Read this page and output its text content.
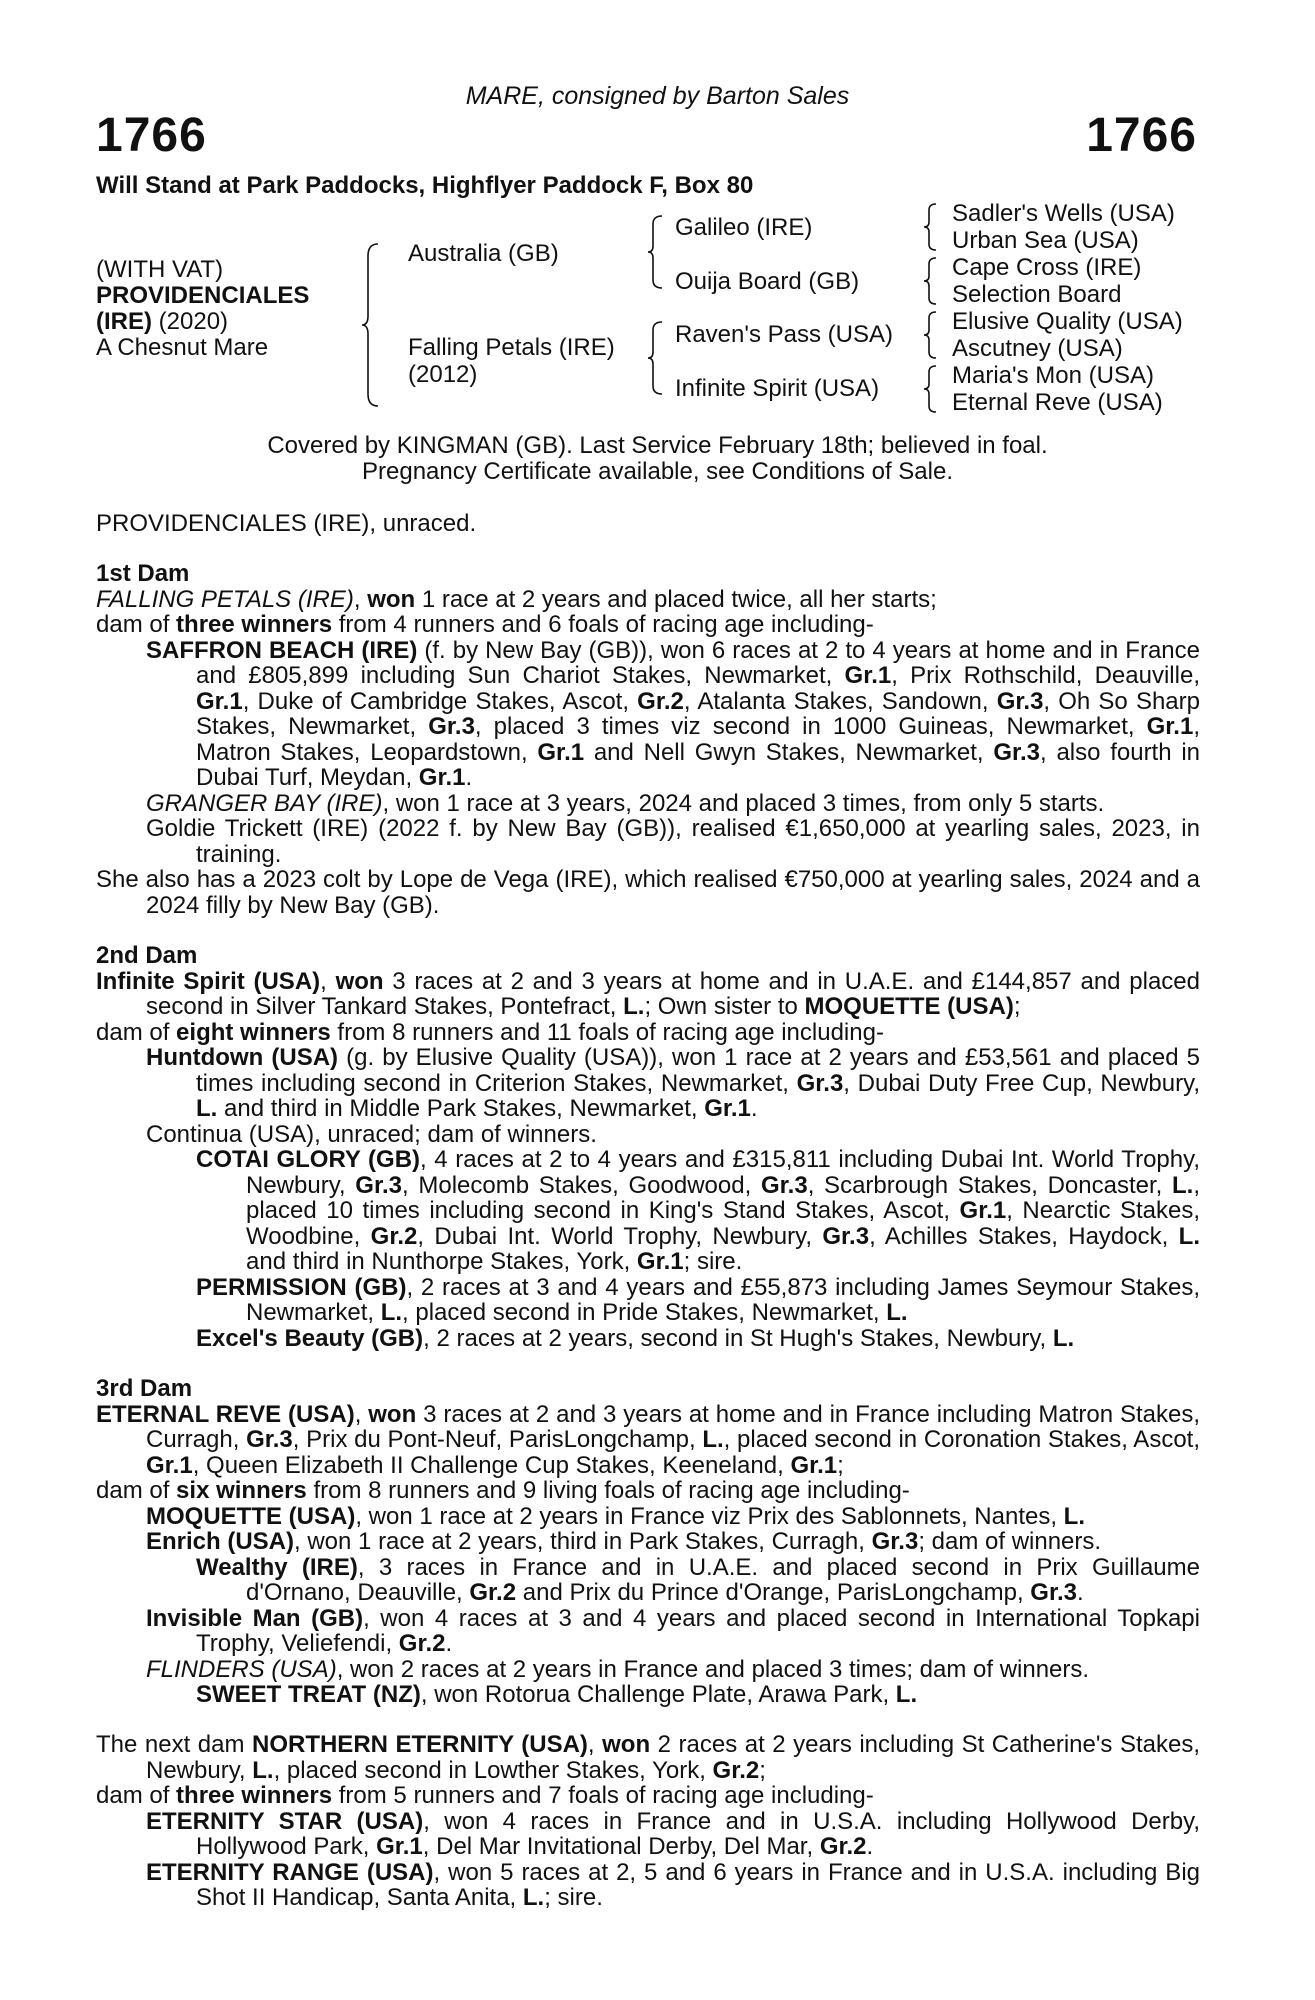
MARE, consigned by Barton Sales
1766	1766
Will Stand at Park Paddocks, Highflyer Paddock F, Box 80
(WITH VAT)
PROVIDENCIALES
(IRE) (2020)
A Chesnut Mare
Australia (GB)
Falling Petals (IRE)
(2012)
Galileo (IRE)
Ouija Board (GB)
Raven's Pass (USA)
Infinite Spirit (USA)
Sadler's Wells (USA)
Urban Sea (USA)
Cape Cross (IRE)
Selection Board
Elusive Quality (USA)
Ascutney (USA)
Maria's Mon (USA)
Eternal Reve (USA)
Covered by KINGMAN (GB). Last Service February 18th; believed in foal.
Pregnancy Certificate available, see Conditions of Sale.
PROVIDENCIALES (IRE), unraced.

1st Dam

FALLING PETALS (IRE), won 1 race at 2 years and placed twice, all her starts;

dam of three winners from 4 runners and 6 foals of racing age including-

SAFFRON BEACH (IRE) (f. by New Bay (GB)), won 6 races at 2 to 4 years at home and in France and £805,899 including Sun Chariot Stakes, Newmarket, Gr.1, Prix Rothschild, Deauville, Gr.1, Duke of Cambridge Stakes, Ascot, Gr.2, Atalanta Stakes, Sandown, Gr.3, Oh So Sharp Stakes, Newmarket, Gr.3, placed 3 times viz second in 1000 Guineas, Newmarket, Gr.1, Matron Stakes, Leopardstown, Gr.1 and Nell Gwyn Stakes, Newmarket, Gr.3, also fourth in Dubai Turf, Meydan, Gr.1.

GRANGER BAY (IRE), won 1 race at 3 years, 2024 and placed 3 times, from only 5 starts.

Goldie Trickett (IRE) (2022 f. by New Bay (GB)), realised €1,650,000 at yearling sales, 2023, in training.

She also has a 2023 colt by Lope de Vega (IRE), which realised €750,000 at yearling sales, 2024 and a 2024 filly by New Bay (GB).

2nd Dam

Infinite Spirit (USA), won 3 races at 2 and 3 years at home and in U.A.E. and £144,857 and placed second in Silver Tankard Stakes, Pontefract, L.; Own sister to MOQUETTE (USA);

dam of eight winners from 8 runners and 11 foals of racing age including-

Huntdown (USA) (g. by Elusive Quality (USA)), won 1 race at 2 years and £53,561 and placed 5 times including second in Criterion Stakes, Newmarket, Gr.3, Dubai Duty Free Cup, Newbury, L. and third in Middle Park Stakes, Newmarket, Gr.1.

Continua (USA), unraced; dam of winners.

COTAI GLORY (GB), 4 races at 2 to 4 years and £315,811 including Dubai Int. World Trophy, Newbury, Gr.3, Molecomb Stakes, Goodwood, Gr.3, Scarbrough Stakes, Doncaster, L., placed 10 times including second in King's Stand Stakes, Ascot, Gr.1, Nearctic Stakes, Woodbine, Gr.2, Dubai Int. World Trophy, Newbury, Gr.3, Achilles Stakes, Haydock, L. and third in Nunthorpe Stakes, York, Gr.1; sire.

PERMISSION (GB), 2 races at 3 and 4 years and £55,873 including James Seymour Stakes, Newmarket, L., placed second in Pride Stakes, Newmarket, L.

Excel's Beauty (GB), 2 races at 2 years, second in St Hugh's Stakes, Newbury, L.

3rd Dam

ETERNAL REVE (USA), won 3 races at 2 and 3 years at home and in France including Matron Stakes, Curragh, Gr.3, Prix du Pont-Neuf, ParisLongchamp, L., placed second in Coronation Stakes, Ascot, Gr.1, Queen Elizabeth II Challenge Cup Stakes, Keeneland, Gr.1;

dam of six winners from 8 runners and 9 living foals of racing age including-

MOQUETTE (USA), won 1 race at 2 years in France viz Prix des Sablonnets, Nantes, L.

Enrich (USA), won 1 race at 2 years, third in Park Stakes, Curragh, Gr.3; dam of winners.

Wealthy (IRE), 3 races in France and in U.A.E. and placed second in Prix Guillaume d'Ornano, Deauville, Gr.2 and Prix du Prince d'Orange, ParisLongchamp, Gr.3.

Invisible Man (GB), won 4 races at 3 and 4 years and placed second in International Topkapi Trophy, Veliefendi, Gr.2.

FLINDERS (USA), won 2 races at 2 years in France and placed 3 times; dam of winners.

SWEET TREAT (NZ), won Rotorua Challenge Plate, Arawa Park, L.

The next dam NORTHERN ETERNITY (USA), won 2 races at 2 years including St Catherine's Stakes, Newbury, L., placed second in Lowther Stakes, York, Gr.2;

dam of three winners from 5 runners and 7 foals of racing age including-

ETERNITY STAR (USA), won 4 races in France and in U.S.A. including Hollywood Derby, Hollywood Park, Gr.1, Del Mar Invitational Derby, Del Mar, Gr.2.

ETERNITY RANGE (USA), won 5 races at 2, 5 and 6 years in France and in U.S.A. including Big Shot II Handicap, Santa Anita, L.; sire.
